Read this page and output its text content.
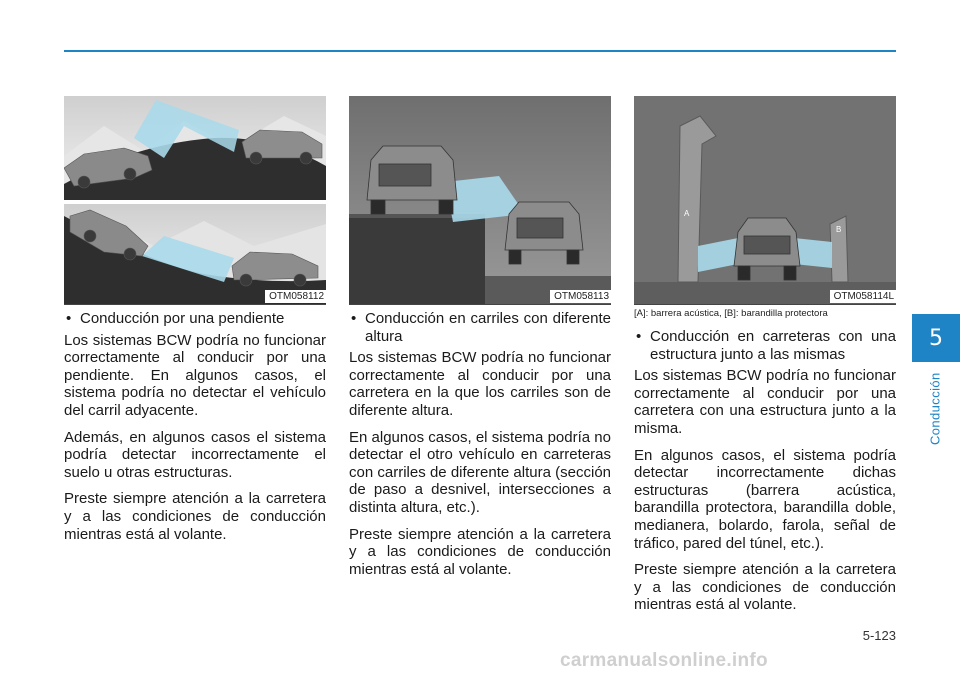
OTM058112	OTM058113
A
B
OTM058114L
[A]: barrera acústica, [B]: barandilla protectora
• Conducción por una pendiente

Los sistemas BCW podría no funcionar correctamente al conducir por una pendiente. En algunos casos, el sistema podría no detectar el vehículo del carril adyacente.

Además, en algunos casos el sistema podría detectar incorrectamente el suelo u otras estructuras.

Preste siempre atención a la carretera y a las condiciones de conducción mientras está al volante.

• Conducción en carriles con diferente altura

Los sistemas BCW podría no funcionar correctamente al conducir por una carretera en la que los carriles son de diferente altura.

En algunos casos, el sistema podría no detectar el otro vehículo en carreteras con carriles de diferente altura (sección de paso a desnivel, intersecciones a distinta altura, etc.).

Preste siempre atención a la carretera y a las condiciones de conducción mientras está al volante.

• Conducción en carreteras con una estructura junto a las mismas

Los sistemas BCW podría no funcionar correctamente al conducir por una carretera con una estructura junto a la misma.

En algunos casos, el sistema podría detectar incorrectamente dichas estructuras (barrera acústica, barandilla protectora, barandilla doble, medianera, bolardo, farola, señal de tráfico, pared del túnel, etc.).

Preste siempre atención a la carretera y a las condiciones de conducción mientras está al volante.

5
Conducción
5-123
carmanualsonline.info
